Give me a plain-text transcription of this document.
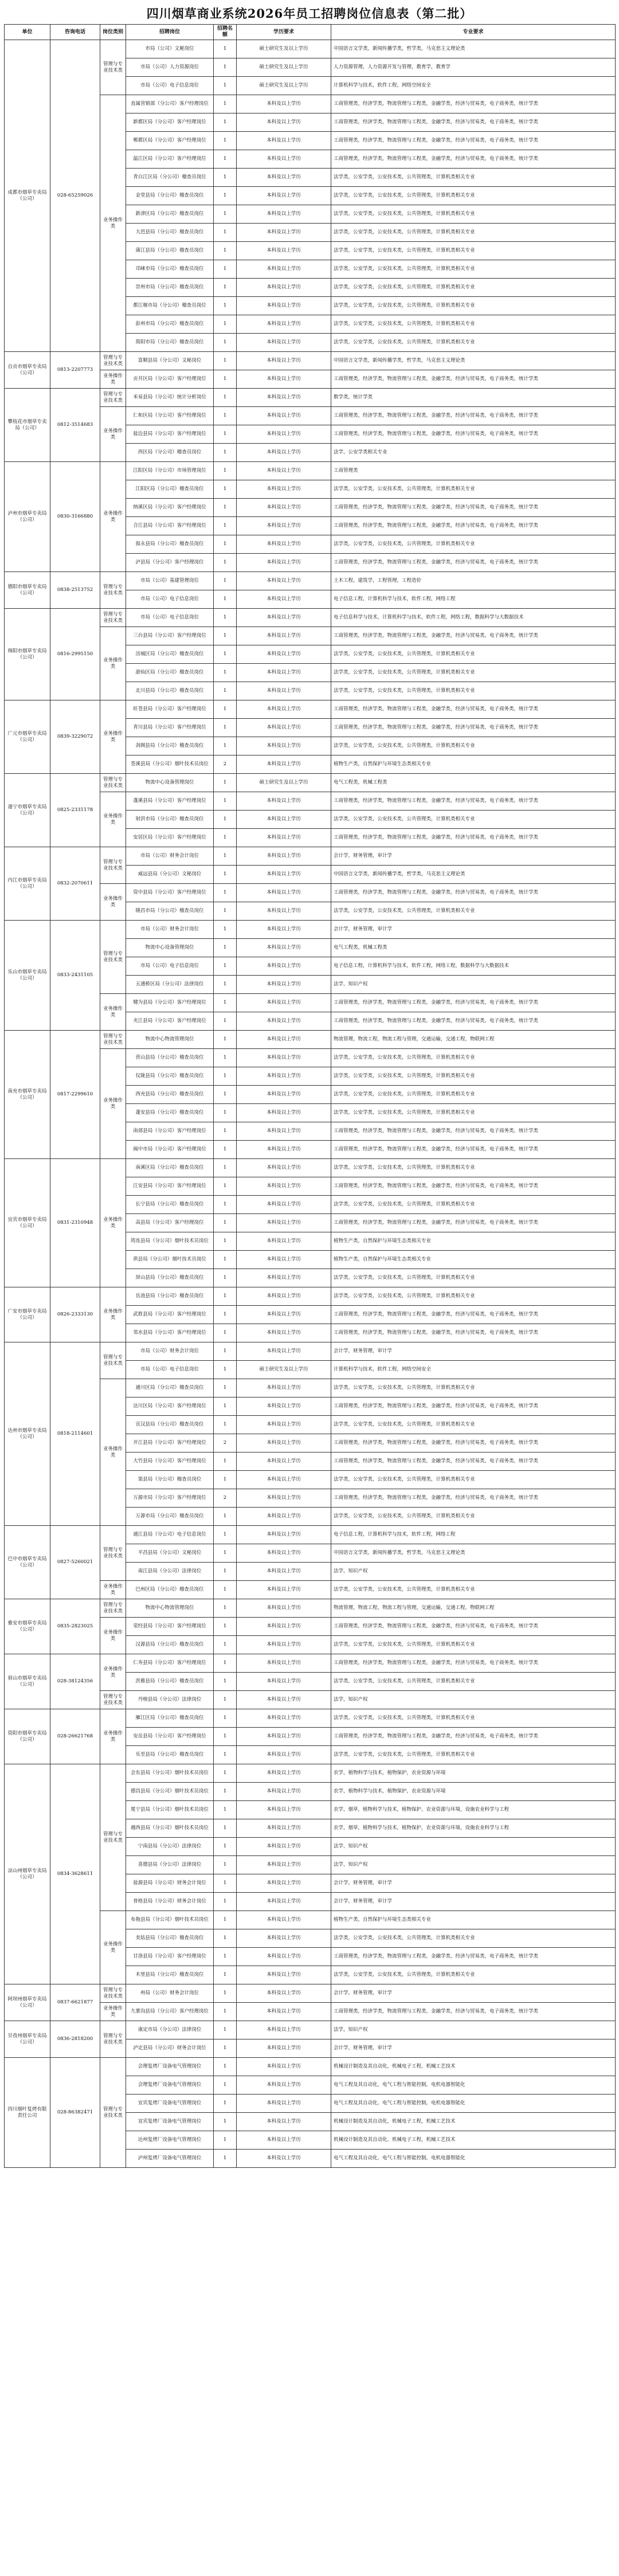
四川烟草商业系统2026年员工招聘岗位信息表（第二批）
单位	咨询电话	岗位类别	招聘岗位	招聘名额	学历要求	专业要求
成都市烟草专卖局（公司）	028-65259026	管理与专业技术类	市局（公司）文秘岗位	1	硕士研究生及以上学历	中国语言文学类，新闻传播学类，哲学类，马克思主义理论类
			市局（公司）人力资源岗位	1	硕士研究生及以上学历	人力资源管理，人力资源开发与管理，教育学，教育学
			市局（公司）电子信息岗位	1	硕士研究生及以上学历	计算机科学与技术，软件工程，网络空间安全
		业务操作类	直属营销部（分公司）客户经理岗位	1	本科及以上学历	工商管理类，经济学类，物流管理与工程类，金融学类，经济与贸易类，电子商务类，统计学类
			新都区局（分公司）客户经理岗位	1	本科及以上学历	工商管理类，经济学类，物流管理与工程类，金融学类，经济与贸易类，电子商务类，统计学类
			郫都区局（分公司）客户经理岗位	1	本科及以上学历	工商管理类，经济学类，物流管理与工程类，金融学类，经济与贸易类，电子商务类，统计学类
			温江区局（分公司）客户经理岗位	1	本科及以上学历	工商管理类，经济学类，物流管理与工程类，金融学类，经济与贸易类，电子商务类，统计学类
			青白江区局（分公司）稽查员岗位	1	本科及以上学历	法学类，公安学类，公安技术类，公共管理类，计算机类相关专业
			金堂县局（分公司）稽查员岗位	1	本科及以上学历	法学类，公安学类，公安技术类，公共管理类，计算机类相关专业
			新津区局（分公司）稽查员岗位	1	本科及以上学历	法学类，公安学类，公安技术类，公共管理类，计算机类相关专业
			大邑县局（分公司）稽查员岗位	1	本科及以上学历	法学类，公安学类，公安技术类，公共管理类，计算机类相关专业
			蒲江县局（分公司）稽查员岗位	1	本科及以上学历	法学类，公安学类，公安技术类，公共管理类，计算机类相关专业
			邛崃市局（分公司）稽查员岗位	1	本科及以上学历	法学类，公安学类，公安技术类，公共管理类，计算机类相关专业
			崇州市局（分公司）稽查员岗位	1	本科及以上学历	法学类，公安学类，公安技术类，公共管理类，计算机类相关专业
			都江堰市局（分公司）稽查员岗位	1	本科及以上学历	法学类，公安学类，公安技术类，公共管理类，计算机类相关专业
			彭州市局（分公司）稽查员岗位	1	本科及以上学历	法学类，公安学类，公安技术类，公共管理类，计算机类相关专业
			简阳市局（分公司）稽查员岗位	1	本科及以上学历	法学类，公安学类，公安技术类，公共管理类，计算机类相关专业
自贡市烟草专卖局（公司）	0813-2207773	管理与专业技术类	富顺县局（分公司）文秘岗位	1	本科及以上学历	中国语言文学类，新闻传播学类，哲学类，马克思主义理论类
		业务操作类	贡井区局（分公司）客户经理岗位	1	本科及以上学历	工商管理类，经济学类，物流管理与工程类，金融学类，经济与贸易类，电子商务类，统计学类
攀枝花市烟草专卖局（公司）	0812-3514683	管理与专业技术类	米易县局（分公司）统计分析岗位	1	本科及以上学历	数学类，统计学类
		业务操作类	仁和区局（分公司）客户经理岗位	1	本科及以上学历	工商管理类，经济学类，物流管理与工程类，金融学类，经济与贸易类，电子商务类，统计学类
			盐边县局（分公司）客户经理岗位	1	本科及以上学历	工商管理类，经济学类，物流管理与工程类，金融学类，经济与贸易类，电子商务类，统计学类
			西区局（分公司）稽查员岗位	1	本科及以上学历	法学，公安学类相关专业
泸州市烟草专卖局（公司）	0830-3166880	业务操作类	江阳区局（分公司）市场管理岗位	1	本科及以上学历	工商管理类
			江阳区局（分公司）稽查员岗位	1	本科及以上学历	法学类，公安学类，公安技术类，公共管理类，计算机类相关专业
			纳溪区局（分公司）客户经理岗位	1	本科及以上学历	工商管理类，经济学类，物流管理与工程类，金融学类，经济与贸易类，电子商务类，统计学类
			合江县局（分公司）客户经理岗位	1	本科及以上学历	工商管理类，经济学类，物流管理与工程类，金融学类，经济与贸易类，电子商务类，统计学类
			叙永县局（分公司）稽查员岗位	1	本科及以上学历	法学类，公安学类，公安技术类，公共管理类，计算机类相关专业
			泸县局（分公司）客户经理岗位	1	本科及以上学历	工商管理类，经济学类，物流管理与工程类，金融学类，经济与贸易类，电子商务类，统计学类
德阳市烟草专卖局（公司）	0838-2513752	管理与专业技术类	市局（公司）基建管理岗位	1	本科及以上学历	土木工程，建筑学，工程管理，工程造价
			市局（公司）电子信息岗位	1	本科及以上学历	电子信息工程，计算机科学与技术，软件工程，网络工程
绵阳市烟草专卖局（公司）	0816-2995150	管理与专业技术类	市局（公司）电子信息岗位	1	本科及以上学历	电子信息科学与技术，计算机科学与技术，软件工程，网络工程，数据科学与大数据技术
		业务操作类	三台县局（分公司）客户经理岗位	1	本科及以上学历	工商管理类，经济学类，物流管理与工程类，金融学类，经济与贸易类，电子商务类，统计学类
			涪城区局（分公司）稽查员岗位	1	本科及以上学历	法学类，公安学类，公安技术类，公共管理类，计算机类相关专业
			游仙区局（分公司）稽查员岗位	1	本科及以上学历	法学类，公安学类，公安技术类，公共管理类，计算机类相关专业
			北川县局（分公司）稽查员岗位	1	本科及以上学历	法学类，公安学类，公安技术类，公共管理类，计算机类相关专业
广元市烟草专卖局（公司）	0839-3229072	业务操作类	旺苍县局（分公司）客户经理岗位	1	本科及以上学历	工商管理类，经济学类，物流管理与工程类，金融学类，经济与贸易类，电子商务类，统计学类
			青川县局（分公司）客户经理岗位	1	本科及以上学历	工商管理类，经济学类，物流管理与工程类，金融学类，经济与贸易类，电子商务类，统计学类
			剑阁县局（分公司）稽查员岗位	1	本科及以上学历	法学类，公安学类，公安技术类，公共管理类，计算机类相关专业
			苍溪县局（分公司）烟叶技术员岗位	2	本科及以上学历	植物生产类，自然保护与环境生态类相关专业
遂宁市烟草专卖局（公司）	0825-2331178	管理与专业技术类	物流中心设备管理岗位	1	硕士研究生及以上学历	电气工程类，机械工程类
		业务操作类	蓬溪县局（分公司）客户经理岗位	1	本科及以上学历	工商管理类，经济学类，物流管理与工程类，金融学类，经济与贸易类，电子商务类，统计学类
			射洪市局（分公司）稽查员岗位	1	本科及以上学历	法学类，公安学类，公安技术类，公共管理类，计算机类相关专业
			安居区局（分公司）客户经理岗位	1	本科及以上学历	工商管理类，经济学类，物流管理与工程类，金融学类，经济与贸易类，电子商务类，统计学类
内江市烟草专卖局（公司）	0832-2070611	管理与专业技术类	市局（公司）财务会计岗位	1	本科及以上学历	会计学，财务管理，审计学
			威远县局（分公司）文秘岗位	1	本科及以上学历	中国语言文学类，新闻传播学类，哲学类，马克思主义理论类
		业务操作类	资中县局（分公司）客户经理岗位	1	本科及以上学历	工商管理类，经济学类，物流管理与工程类，金融学类，经济与贸易类，电子商务类，统计学类
			隆昌市局（分公司）稽查员岗位	1	本科及以上学历	法学类，公安学类，公安技术类，公共管理类，计算机类相关专业
乐山市烟草专卖局（公司）	0833-2431105	管理与专业技术类	市局（公司）财务会计岗位	1	本科及以上学历	会计学，财务管理，审计学
			物流中心设备管理岗位	1	本科及以上学历	电气工程类，机械工程类
			市局（公司）电子信息岗位	1	本科及以上学历	电子信息工程，计算机科学与技术，软件工程，网络工程，数据科学与大数据技术
			五通桥区局（分公司）法律岗位	1	本科及以上学历	法学，知识产权
		业务操作类	犍为县局（分公司）客户经理岗位	1	本科及以上学历	工商管理类，经济学类，物流管理与工程类，金融学类，经济与贸易类，电子商务类，统计学类
			夹江县局（分公司）客户经理岗位	1	本科及以上学历	工商管理类，经济学类，物流管理与工程类，金融学类，经济与贸易类，电子商务类，统计学类
南充市烟草专卖局（公司）	0817-2299610	管理与专业技术类	物流中心物流管理岗位	1	本科及以上学历	物流管理，物流工程，物流工程与管理，交通运输，交通工程，物联网工程
		业务操作类	营山县局（分公司）稽查员岗位	1	本科及以上学历	法学类，公安学类，公安技术类，公共管理类，计算机类相关专业
			仪陇县局（分公司）稽查员岗位	1	本科及以上学历	法学类，公安学类，公安技术类，公共管理类，计算机类相关专业
			西充县局（分公司）稽查员岗位	1	本科及以上学历	法学类，公安学类，公安技术类，公共管理类，计算机类相关专业
			蓬安县局（分公司）稽查员岗位	1	本科及以上学历	法学类，公安学类，公安技术类，公共管理类，计算机类相关专业
			南部县局（分公司）客户经理岗位	1	本科及以上学历	工商管理类，经济学类，物流管理与工程类，金融学类，经济与贸易类，电子商务类，统计学类
			阆中市局（分公司）客户经理岗位	1	本科及以上学历	工商管理类，经济学类，物流管理与工程类，金融学类，经济与贸易类，电子商务类，统计学类
宜宾市烟草专卖局（公司）	0831-2310948	业务操作类	南溪区局（分公司）稽查员岗位	1	本科及以上学历	法学类，公安学类，公安技术类，公共管理类，计算机类相关专业
			江安县局（分公司）客户经理岗位	1	本科及以上学历	工商管理类，经济学类，物流管理与工程类，金融学类，经济与贸易类，电子商务类，统计学类
			长宁县局（分公司）稽查员岗位	1	本科及以上学历	法学类，公安学类，公安技术类，公共管理类，计算机类相关专业
			高县局（分公司）客户经理岗位	1	本科及以上学历	工商管理类，经济学类，物流管理与工程类，金融学类，经济与贸易类，电子商务类，统计学类
			筠连县局（分公司）烟叶技术员岗位	1	本科及以上学历	植物生产类，自然保护与环境生态类相关专业
			珙县局（分公司）烟叶技术员岗位	1	本科及以上学历	植物生产类，自然保护与环境生态类相关专业
			屏山县局（分公司）稽查员岗位	1	本科及以上学历	法学类，公安学类，公安技术类，公共管理类，计算机类相关专业
广安市烟草专卖局（公司）	0826-2333130	业务操作类	岳池县局（分公司）稽查员岗位	1	本科及以上学历	法学类，公安学类，公安技术类，公共管理类，计算机类相关专业
			武胜县局（分公司）客户经理岗位	1	本科及以上学历	工商管理类，经济学类，物流管理与工程类，金融学类，经济与贸易类，电子商务类，统计学类
			邻水县局（分公司）客户经理岗位	1	本科及以上学历	工商管理类，经济学类，物流管理与工程类，金融学类，经济与贸易类，电子商务类，统计学类
达州市烟草专卖局（公司）	0818-2114601	管理与专业技术类	市局（公司）财务会计岗位	1	本科及以上学历	会计学，财务管理，审计学
			市局（公司）电子信息岗位	1	硕士研究生及以上学历	计算机科学与技术，软件工程，网络空间安全
		业务操作类	通川区局（分公司）稽查员岗位	1	本科及以上学历	法学类，公安学类，公安技术类，公共管理类，计算机类相关专业
			达川区局（分公司）客户经理岗位	1	本科及以上学历	工商管理类，经济学类，物流管理与工程类，金融学类，经济与贸易类，电子商务类，统计学类
			宣汉县局（分公司）稽查员岗位	1	本科及以上学历	法学类，公安学类，公安技术类，公共管理类，计算机类相关专业
			开江县局（分公司）客户经理岗位	2	本科及以上学历	工商管理类，经济学类，物流管理与工程类，金融学类，经济与贸易类，电子商务类，统计学类
			大竹县局（分公司）客户经理岗位	1	本科及以上学历	工商管理类，经济学类，物流管理与工程类，金融学类，经济与贸易类，电子商务类，统计学类
			渠县局（分公司）稽查员岗位	1	本科及以上学历	法学类，公安学类，公安技术类，公共管理类，计算机类相关专业
			万源市局（分公司）客户经理岗位	2	本科及以上学历	工商管理类，经济学类，物流管理与工程类，金融学类，经济与贸易类，电子商务类，统计学类
			万源市局（分公司）稽查员岗位	1	本科及以上学历	法学类，公安学类，公安技术类，公共管理类，计算机类相关专业
巴中市烟草专卖局（公司）	0827-5260021	管理与专业技术类	通江县局（分公司）电子信息岗位	1	本科及以上学历	电子信息工程，计算机科学与技术，软件工程，网络工程
			平昌县局（分公司）文秘岗位	1	本科及以上学历	中国语言文学类，新闻传播学类，哲学类，马克思主义理论类
			南江县局（分公司）法律岗位	1	本科及以上学历	法学，知识产权
		业务操作类	巴州区局（分公司）稽查员岗位	1	本科及以上学历	法学类，公安学类，公安技术类，公共管理类，计算机类相关专业
雅安市烟草专卖局（公司）	0835-2823025	管理与专业技术类	物流中心物流管理岗位	1	本科及以上学历	物流管理，物流工程，物流工程与管理，交通运输，交通工程，物联网工程
		业务操作类	荥经县局（分公司）客户经理岗位	1	本科及以上学历	工商管理类，经济学类，物流管理与工程类，金融学类，经济与贸易类，电子商务类，统计学类
			汉源县局（分公司）稽查员岗位	1	本科及以上学历	法学类，公安学类，公安技术类，公共管理类，计算机类相关专业
眉山市烟草专卖局（公司）	028-38124356	业务操作类	仁寿县局（分公司）客户经理岗位	1	本科及以上学历	工商管理类，经济学类，物流管理与工程类，金融学类，经济与贸易类，电子商务类，统计学类
			洪雅县局（分公司）稽查员岗位	1	本科及以上学历	法学类，公安学类，公安技术类，公共管理类，计算机类相关专业
		管理与专业技术类	丹棱县局（分公司）法律岗位	1	本科及以上学历	法学，知识产权
资阳市烟草专卖局（公司）	028-26621768	业务操作类	雁江区局（分公司）稽查员岗位	1	本科及以上学历	法学类，公安学类，公安技术类，公共管理类，计算机类相关专业
			安岳县局（分公司）客户经理岗位	1	本科及以上学历	工商管理类，经济学类，物流管理与工程类，金融学类，经济与贸易类，电子商务类，统计学类
			乐至县局（分公司）稽查员岗位	1	本科及以上学历	法学类，公安学类，公安技术类，公共管理类，计算机类相关专业
凉山州烟草专卖局（公司）	0834-3628611	管理与专业技术类	会东县局（分公司）烟叶技术员岗位	1	本科及以上学历	农学，植物科学与技术，植物保护，农业资源与环境
			德昌县局（分公司）烟叶技术员岗位	1	本科及以上学历	农学，植物科学与技术，植物保护，农业资源与环境
			冕宁县局（分公司）烟叶技术员岗位	1	本科及以上学历	农学，烟草，植物科学与技术，植物保护，农业资源与环境，设施农业科学与工程
			越西县局（分公司）烟叶技术员岗位	1	本科及以上学历	农学，烟草，植物科学与技术，植物保护，农业资源与环境，设施农业科学与工程
			宁南县局（分公司）法律岗位	1	本科及以上学历	法学，知识产权
			喜德县局（分公司）法律岗位	1	本科及以上学历	法学，知识产权
			盐源县局（分公司）财务会计岗位	1	本科及以上学历	会计学，财务管理，审计学
			普格县局（分公司）财务会计岗位	1	本科及以上学历	会计学，财务管理，审计学
		业务操作类	布拖县局（分公司）烟叶技术员岗位	1	本科及以上学历	植物生产类，自然保护与环境生态类相关专业
			美姑县局（分公司）稽查员岗位	1	本科及以上学历	法学类，公安学类，公安技术类，公共管理类，计算机类相关专业
			甘洛县局（分公司）客户经理岗位	1	本科及以上学历	工商管理类，经济学类，物流管理与工程类，金融学类，经济与贸易类，电子商务类，统计学类
			木里县局（分公司）稽查员岗位	1	本科及以上学历	法学类，公安学类，公安技术类，公共管理类，计算机类相关专业
阿坝州烟草专卖局（公司）	0837-6621877	管理与专业技术类	州局（公司）财务会计岗位	1	本科及以上学历	会计学，财务管理，审计学
		业务操作类	九寨沟县局（分公司）客户经理岗位	1	本科及以上学历	工商管理类，经济学类，物流管理与工程类，金融学类，经济与贸易类，电子商务类，统计学类
甘孜州烟草专卖局（公司）	0836-2818200	管理与专业技术类	康定市局（分公司）法律岗位	1	本科及以上学历	法学，知识产权
			泸定县局（分公司）财务会计岗位	1	本科及以上学历	会计学，财务管理，审计学
四川烟叶复烤有限责任公司	028-86382471	管理与专业技术类	会理复烤厂设备电气管理岗位	1	本科及以上学历	机械设计制造及其自动化，机械电子工程，机械工艺技术
			会理复烤厂设备电气管理岗位	1	本科及以上学历	电气工程及其自动化，电气工程与智能控制，电机电器智能化
			宜宾复烤厂设备电气管理岗位	1	本科及以上学历	电气工程及其自动化，电气工程与智能控制，电机电器智能化
			宜宾复烤厂设备电气管理岗位	1	本科及以上学历	机械设计制造及其自动化，机械电子工程，机械工艺技术
			达州复烤厂设备电气管理岗位	1	本科及以上学历	机械设计制造及其自动化，机械电子工程，机械工艺技术
			泸州复烤厂设备电气管理岗位	1	本科及以上学历	电气工程及其自动化，电气工程与智能控制，电机电器智能化
